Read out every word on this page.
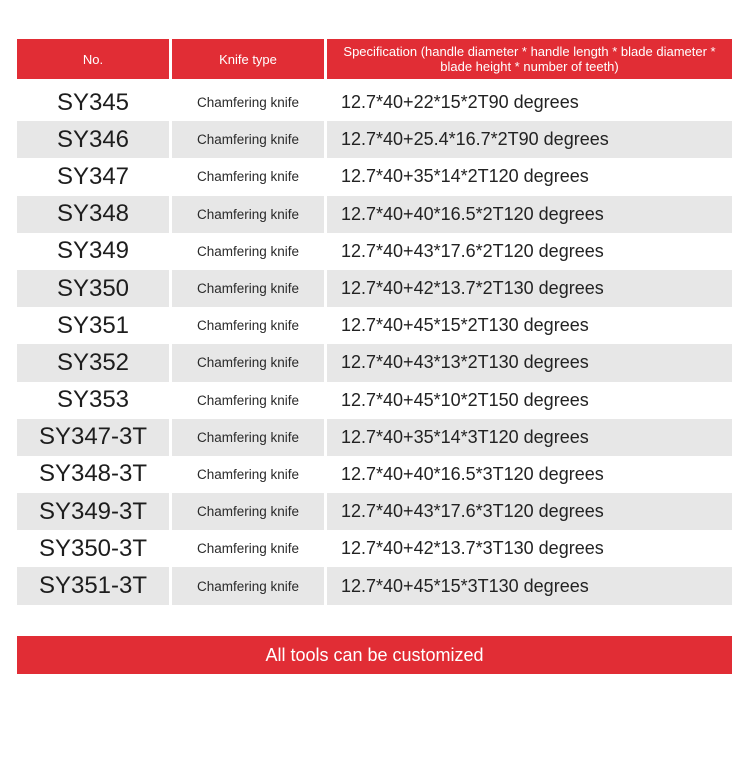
No.	Knife type	Specification (handle diameter * handle length * blade diameter * blade height * number of teeth)
SY345	Chamfering knife	12.7*40+22*15*2T90 degrees
SY346	Chamfering knife	12.7*40+25.4*16.7*2T90 degrees
SY347	Chamfering knife	12.7*40+35*14*2T120 degrees
SY348	Chamfering knife	12.7*40+40*16.5*2T120 degrees
SY349	Chamfering knife	12.7*40+43*17.6*2T120 degrees
SY350	Chamfering knife	12.7*40+42*13.7*2T130 degrees
SY351	Chamfering knife	12.7*40+45*15*2T130 degrees
SY352	Chamfering knife	12.7*40+43*13*2T130 degrees
SY353	Chamfering knife	12.7*40+45*10*2T150 degrees
SY347-3T	Chamfering knife	12.7*40+35*14*3T120 degrees
SY348-3T	Chamfering knife	12.7*40+40*16.5*3T120 degrees
SY349-3T	Chamfering knife	12.7*40+43*17.6*3T120 degrees
SY350-3T	Chamfering knife	12.7*40+42*13.7*3T130 degrees
SY351-3T	Chamfering knife	12.7*40+45*15*3T130 degrees
All tools can be customized
